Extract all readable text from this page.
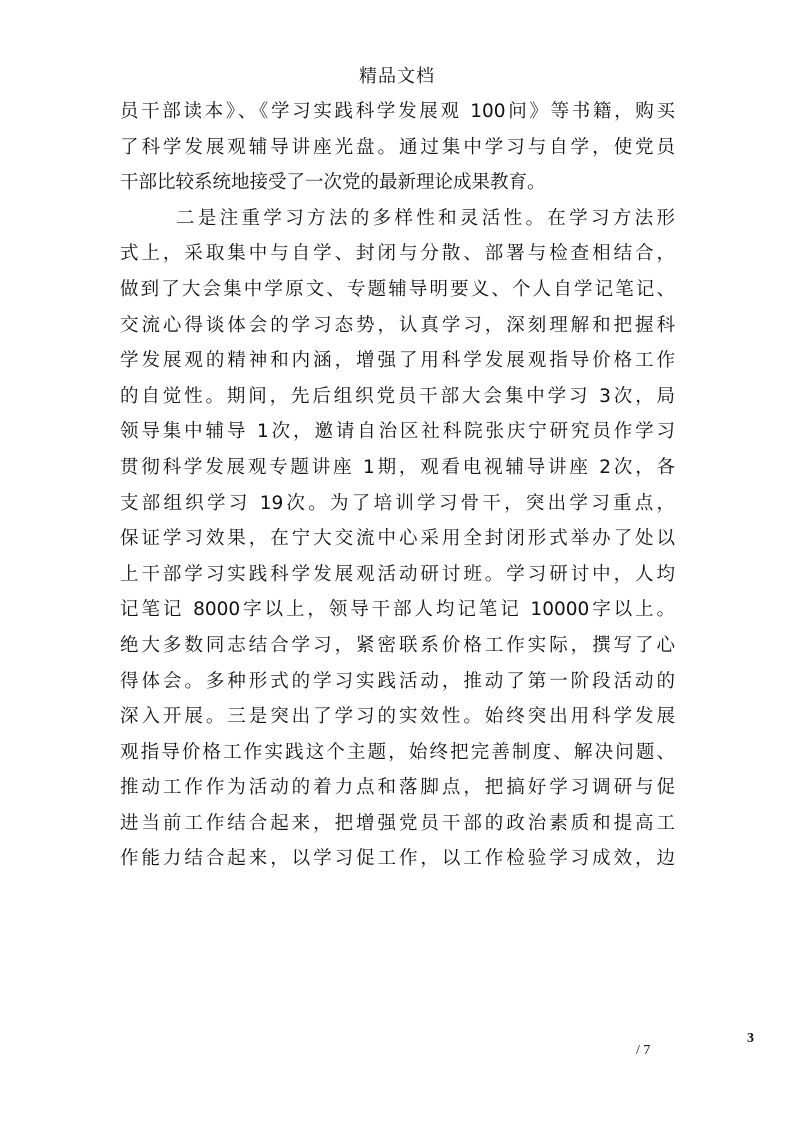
精品文档
员干部读本》、《学习实践科学发展观 100问》等书籍，购买
了科学发展观辅导讲座光盘。通过集中学习与自学，使党员
干部比较系统地接受了一次党的最新理论成果教育。
二是注重学习方法的多样性和灵活性。在学习方法形
式上，采取集中与自学、封闭与分散、部署与检查相结合，
做到了大会集中学原文、专题辅导明要义、个人自学记笔记、
交流心得谈体会的学习态势，认真学习，深刻理解和把握科
学发展观的精神和内涵，增强了用科学发展观指导价格工作
的自觉性。期间，先后组织党员干部大会集中学习 3次，局
领导集中辅导 1次，邀请自治区社科院张庆宁研究员作学习
贯彻科学发展观专题讲座 1期，观看电视辅导讲座 2次，各
支部组织学习 19次。为了培训学习骨干，突出学习重点，
保证学习效果，在宁大交流中心采用全封闭形式举办了处以
上干部学习实践科学发展观活动研讨班。学习研讨中，人均
记笔记 8000字以上，领导干部人均记笔记 10000字以上。
绝大多数同志结合学习，紧密联系价格工作实际，撰写了心
得体会。多种形式的学习实践活动，推动了第一阶段活动的
深入开展。三是突出了学习的实效性。始终突出用科学发展
观指导价格工作实践这个主题，始终把完善制度、解决问题、
推动工作作为活动的着力点和落脚点，把搞好学习调研与促
进当前工作结合起来，把增强党员干部的政治素质和提高工
作能力结合起来，以学习促工作，以工作检验学习成效，边
3
/ 7
